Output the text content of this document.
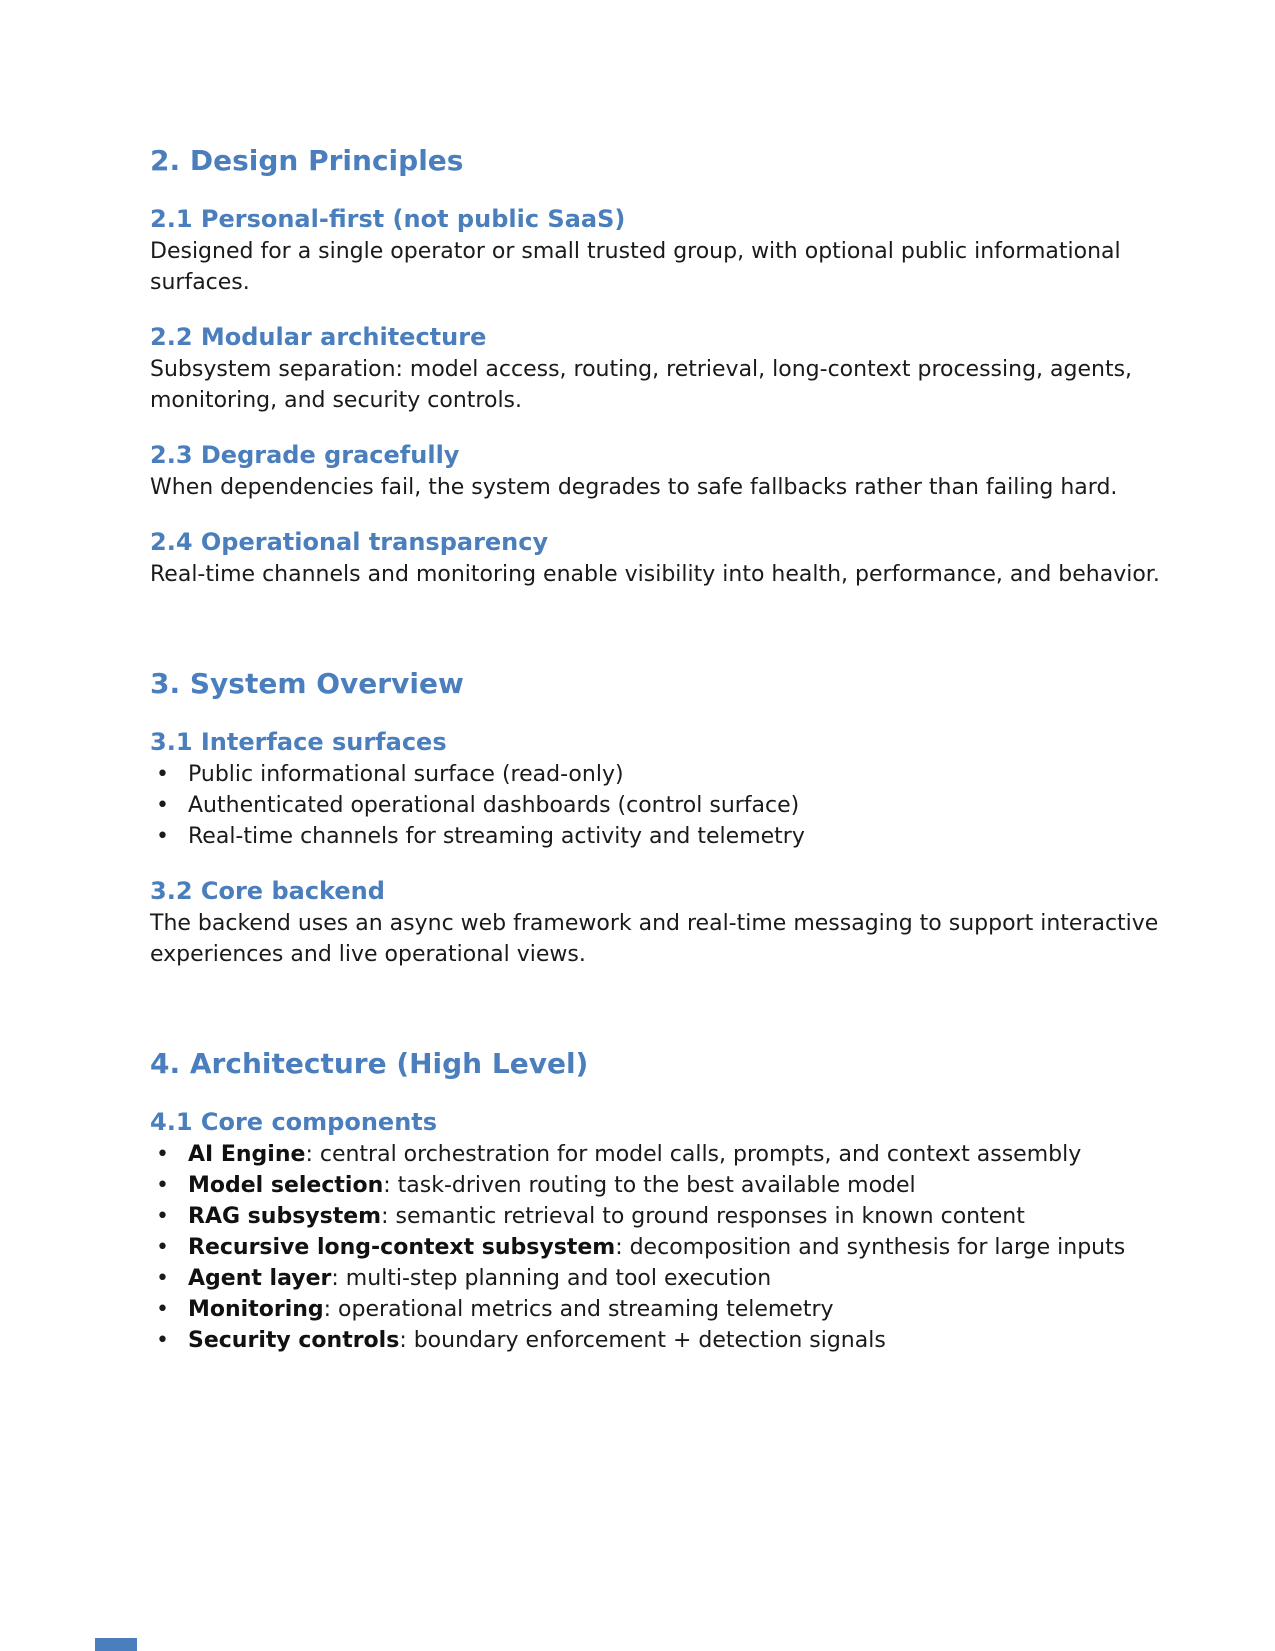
2. Design Principles
2.1 Personal-first (not public SaaS)

Designed for a single operator or small trusted group, with optional public informational surfaces.

2.2 Modular architecture

Subsystem separation: model access, routing, retrieval, long-context processing, agents, monitoring, and security controls.

2.3 Degrade gracefully

When dependencies fail, the system degrades to safe fallbacks rather than failing hard.

2.4 Operational transparency

Real-time channels and monitoring enable visibility into health, performance, and behavior.

3. System Overview
3.1 Interface surfaces
• Public informational surface (read-only)
• Authenticated operational dashboards (control surface)
• Real-time channels for streaming activity and telemetry
3.2 Core backend

The backend uses an async web framework and real-time messaging to support interactive experiences and live operational views.

4. Architecture (High Level)
4.1 Core components
• AI Engine: central orchestration for model calls, prompts, and context assembly
• Model selection: task-driven routing to the best available model
• RAG subsystem: semantic retrieval to ground responses in known content
• Recursive long-context subsystem: decomposition and synthesis for large inputs
• Agent layer: multi-step planning and tool execution
• Monitoring: operational metrics and streaming telemetry
• Security controls: boundary enforcement + detection signals
